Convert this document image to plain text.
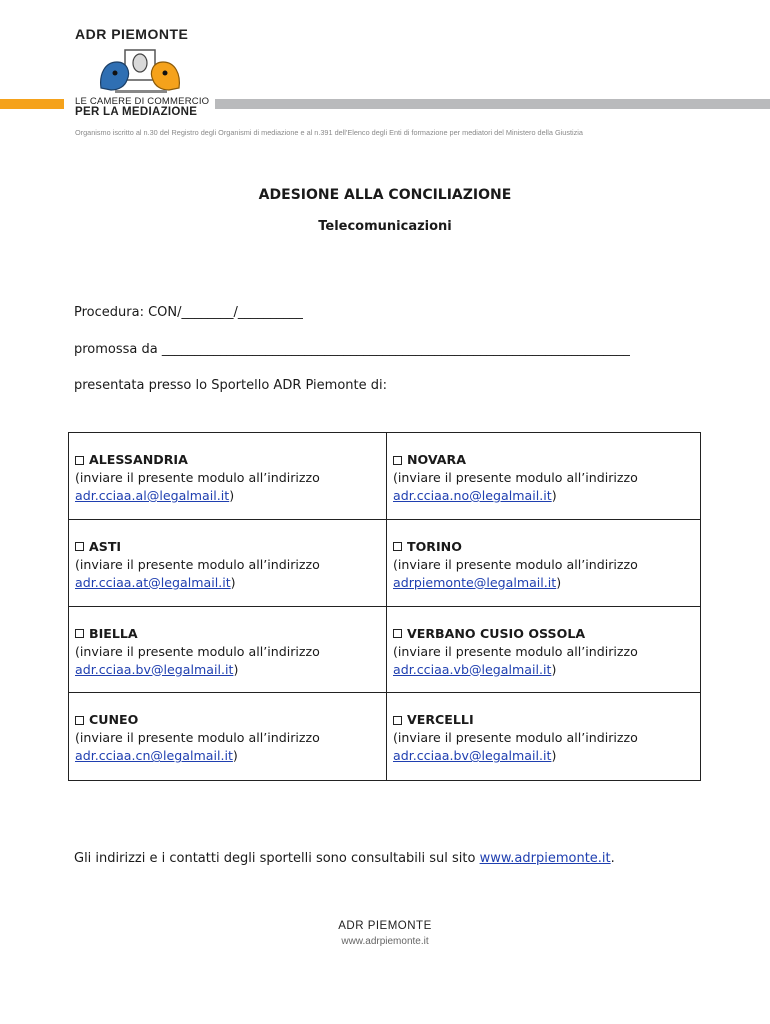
ADR PIEMONTE
LE CAMERE DI COMMERCIO
PER LA MEDIAZIONE
Organismo iscritto al n.30 del Registro degli Organismi di mediazione e al n.391 dell'Elenco degli Enti di formazione per mediatori del Ministero della Giustizia
ADESIONE ALLA CONCILIAZIONE
Telecomunicazioni
Procedura: CON/________/__________
promossa da ________________________________________________________________________
presentata presso lo Sportello ADR Piemonte di:
ALESSANDRIA
(inviare il presente modulo all’indirizzo
adr.cciaa.al@legalmail.it)
NOVARA
(inviare il presente modulo all’indirizzo
adr.cciaa.no@legalmail.it)
ASTI
(inviare il presente modulo all’indirizzo
adr.cciaa.at@legalmail.it)
TORINO
(inviare il presente modulo all’indirizzo
adrpiemonte@legalmail.it)
BIELLA
(inviare il presente modulo all’indirizzo
adr.cciaa.bv@legalmail.it)
VERBANO CUSIO OSSOLA
(inviare il presente modulo all’indirizzo
adr.cciaa.vb@legalmail.it)
CUNEO
(inviare il presente modulo all’indirizzo
adr.cciaa.cn@legalmail.it)
VERCELLI
(inviare il presente modulo all’indirizzo
adr.cciaa.bv@legalmail.it)
Gli indirizzi e i contatti degli sportelli sono consultabili sul sito www.adrpiemonte.it.
ADR PIEMONTE
www.adrpiemonte.it
